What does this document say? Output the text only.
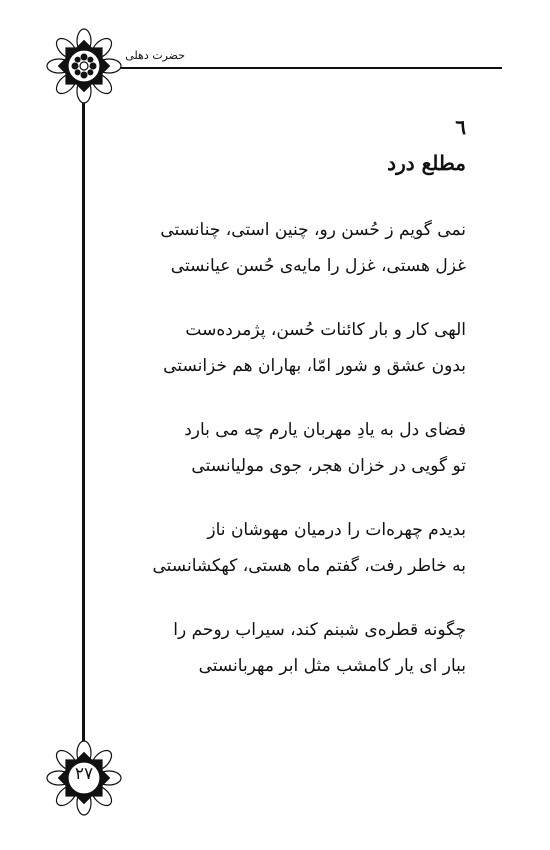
حضرت دهلی
۲۷
٦
مطلع درد
نمی گویم ز حُسن رو، چنین استی، چنانستی
غزل هستی، غزل را مایه‌ی حُسن عیانستی
الهی کار و بار کائنات حُسن، پژمرده‌ست
بدون عشق و شور امّا، بهاران هم خزانستی
فضای دل به یادِ مهربان یارم چه می بارد
تو گویی در خزان هجر، جوی مولیانستی
بدیدم چهره‌ات را درمیان مهوشان ناز
به خاطر رفت، گفتم ماه هستی، کهکشانستی
چگونه قطره‌ی شبنم کند، سیراب روحم را
ببار ای یار کامشب مثل ابر مهربانستی
